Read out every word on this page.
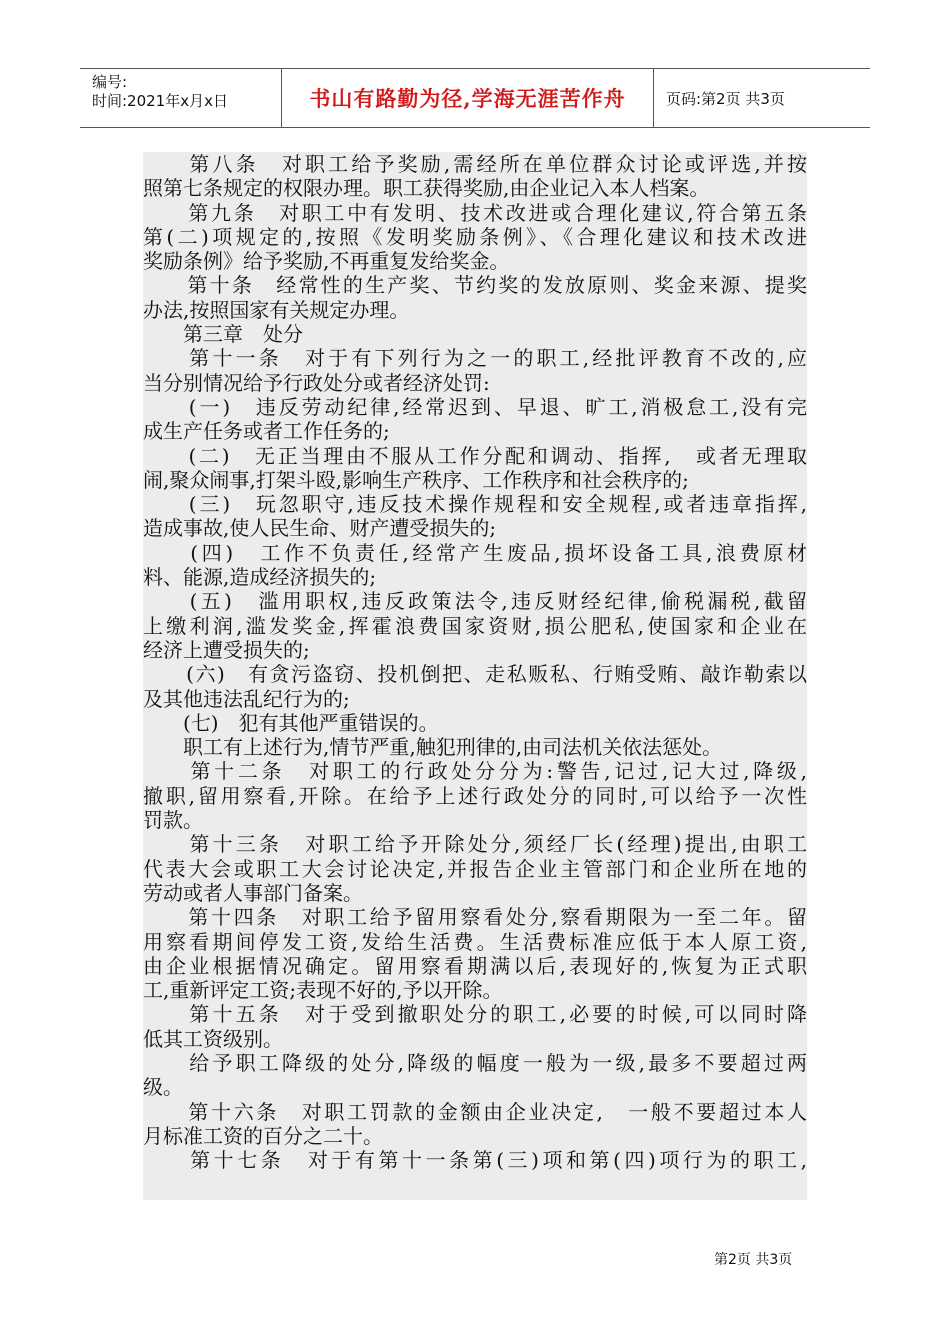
编号:
时间:2021年x月x日	书山有路勤为径,学海无涯苦作舟	页码:第2页 共3页
　　第八条　对职工给予奖励,需经所在单位群众讨论或评选,并按
照第七条规定的权限办理。职工获得奖励,由企业记入本人档案。
　　第九条　对职工中有发明、技术改进或合理化建议,符合第五条
第(二)项规定的,按照《发明奖励条例》、《合理化建议和技术改进
奖励条例》给予奖励,不再重复发给奖金。
　　第十条　经常性的生产奖、节约奖的发放原则、奖金来源、提奖
办法,按照国家有关规定办理。
　　第三章　处分
　　第十一条　对于有下列行为之一的职工,经批评教育不改的,应
当分别情况给予行政处分或者经济处罚:
　　(一)　违反劳动纪律,经常迟到、早退、旷工,消极怠工,没有完
成生产任务或者工作任务的;
　　(二)　无正当理由不服从工作分配和调动、指挥,　或者无理取
闹,聚众闹事,打架斗殴,影响生产秩序、工作秩序和社会秩序的;
　　(三)　玩忽职守,违反技术操作规程和安全规程,或者违章指挥,
造成事故,使人民生命、财产遭受损失的;
　　(四)　工作不负责任,经常产生废品,损坏设备工具,浪费原材
料、能源,造成经济损失的;
　　(五)　滥用职权,违反政策法令,违反财经纪律,偷税漏税,截留
上缴利润,滥发奖金,挥霍浪费国家资财,损公肥私,使国家和企业在
经济上遭受损失的;
　　(六)　有贪污盗窃、投机倒把、走私贩私、行贿受贿、敲诈勒索以
及其他违法乱纪行为的;
　　(七)　犯有其他严重错误的。
　　职工有上述行为,情节严重,触犯刑律的,由司法机关依法惩处。
　　第十二条　对职工的行政处分分为:警告,记过,记大过,降级,
撤职,留用察看,开除。在给予上述行政处分的同时,可以给予一次性
罚款。
　　第十三条　对职工给予开除处分,须经厂长(经理)提出,由职工
代表大会或职工大会讨论决定,并报告企业主管部门和企业所在地的
劳动或者人事部门备案。
　　第十四条　对职工给予留用察看处分,察看期限为一至二年。留
用察看期间停发工资,发给生活费。生活费标准应低于本人原工资,
由企业根据情况确定。留用察看期满以后,表现好的,恢复为正式职
工,重新评定工资;表现不好的,予以开除。
　　第十五条　对于受到撤职处分的职工,必要的时候,可以同时降
低其工资级别。
　　给予职工降级的处分,降级的幅度一般为一级,最多不要超过两
级。
　　第十六条　对职工罚款的金额由企业决定,　一般不要超过本人
月标准工资的百分之二十。
　　第十七条　对于有第十一条第(三)项和第(四)项行为的职工,
第2页 共3页
